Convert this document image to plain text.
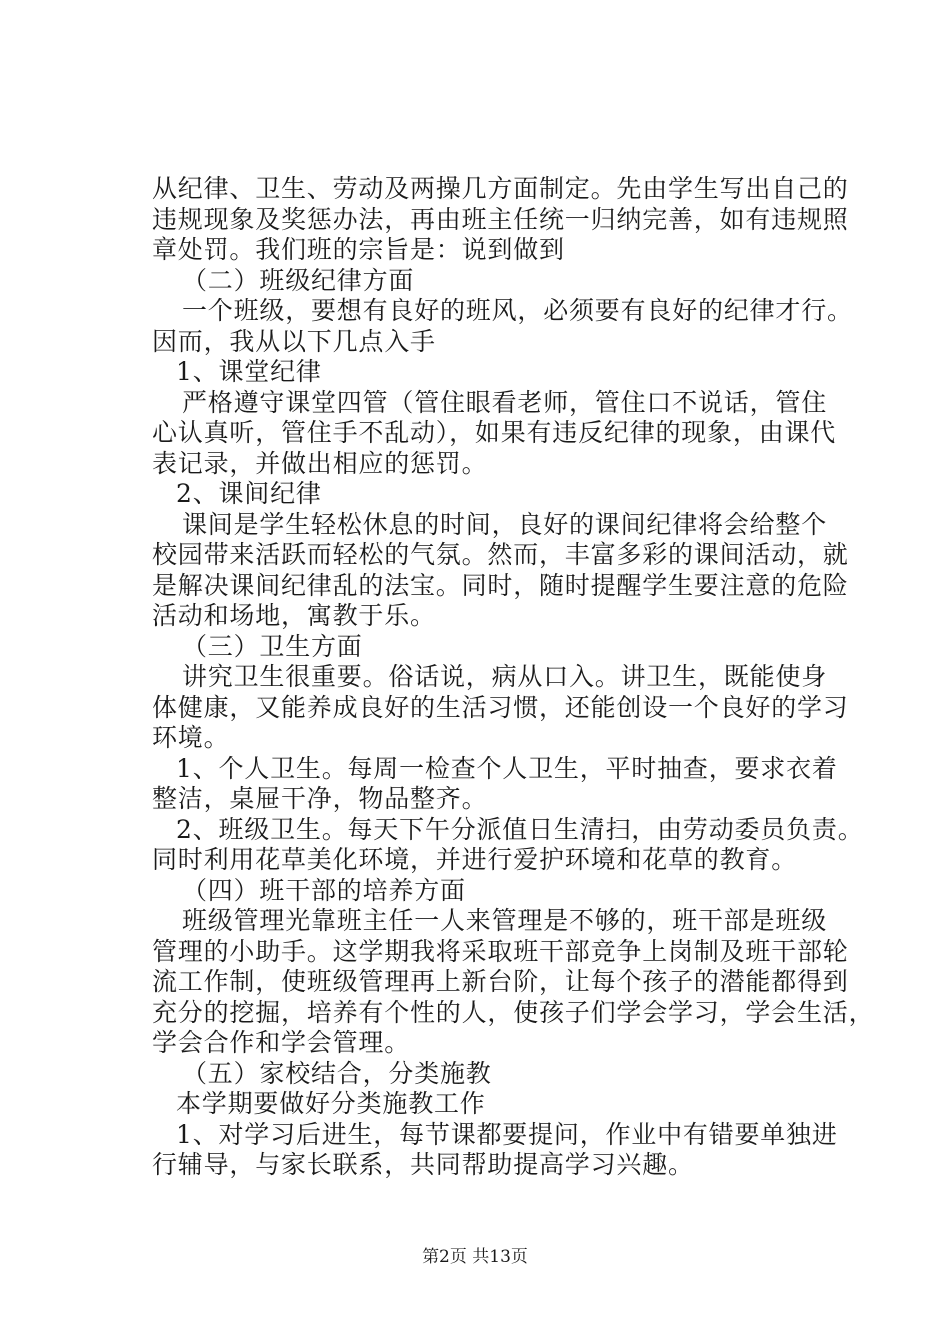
从纪律、卫生、劳动及两操几方面制定。先由学生写出自己的
违规现象及奖惩办法，再由班主任统一归纳完善，如有违规照
章处罚。我们班的宗旨是：说到做到
（二）班级纪律方面
一个班级，要想有良好的班风，必须要有良好的纪律才行。
因而，我从以下几点入手
1、课堂纪律
严格遵守课堂四管（管住眼看老师，管住口不说话，管住
心认真听，管住手不乱动），如果有违反纪律的现象，由课代
表记录，并做出相应的惩罚。
2、课间纪律
课间是学生轻松休息的时间，良好的课间纪律将会给整个
校园带来活跃而轻松的气氛。然而，丰富多彩的课间活动，就
是解决课间纪律乱的法宝。同时，随时提醒学生要注意的危险
活动和场地，寓教于乐。
（三）卫生方面
讲究卫生很重要。俗话说，病从口入。讲卫生，既能使身
体健康，又能养成良好的生活习惯，还能创设一个良好的学习
环境。
1、个人卫生。每周一检查个人卫生，平时抽查，要求衣着
整洁，桌屉干净，物品整齐。
2、班级卫生。每天下午分派值日生清扫，由劳动委员负责。
同时利用花草美化环境，并进行爱护环境和花草的教育。
（四）班干部的培养方面
班级管理光靠班主任一人来管理是不够的，班干部是班级
管理的小助手。这学期我将采取班干部竞争上岗制及班干部轮
流工作制，使班级管理再上新台阶，让每个孩子的潜能都得到
充分的挖掘，培养有个性的人，使孩子们学会学习，学会生活，
学会合作和学会管理。
（五）家校结合，分类施教
本学期要做好分类施教工作
1、对学习后进生，每节课都要提问，作业中有错要单独进
行辅导，与家长联系，共同帮助提高学习兴趣。
第2页 共13页
